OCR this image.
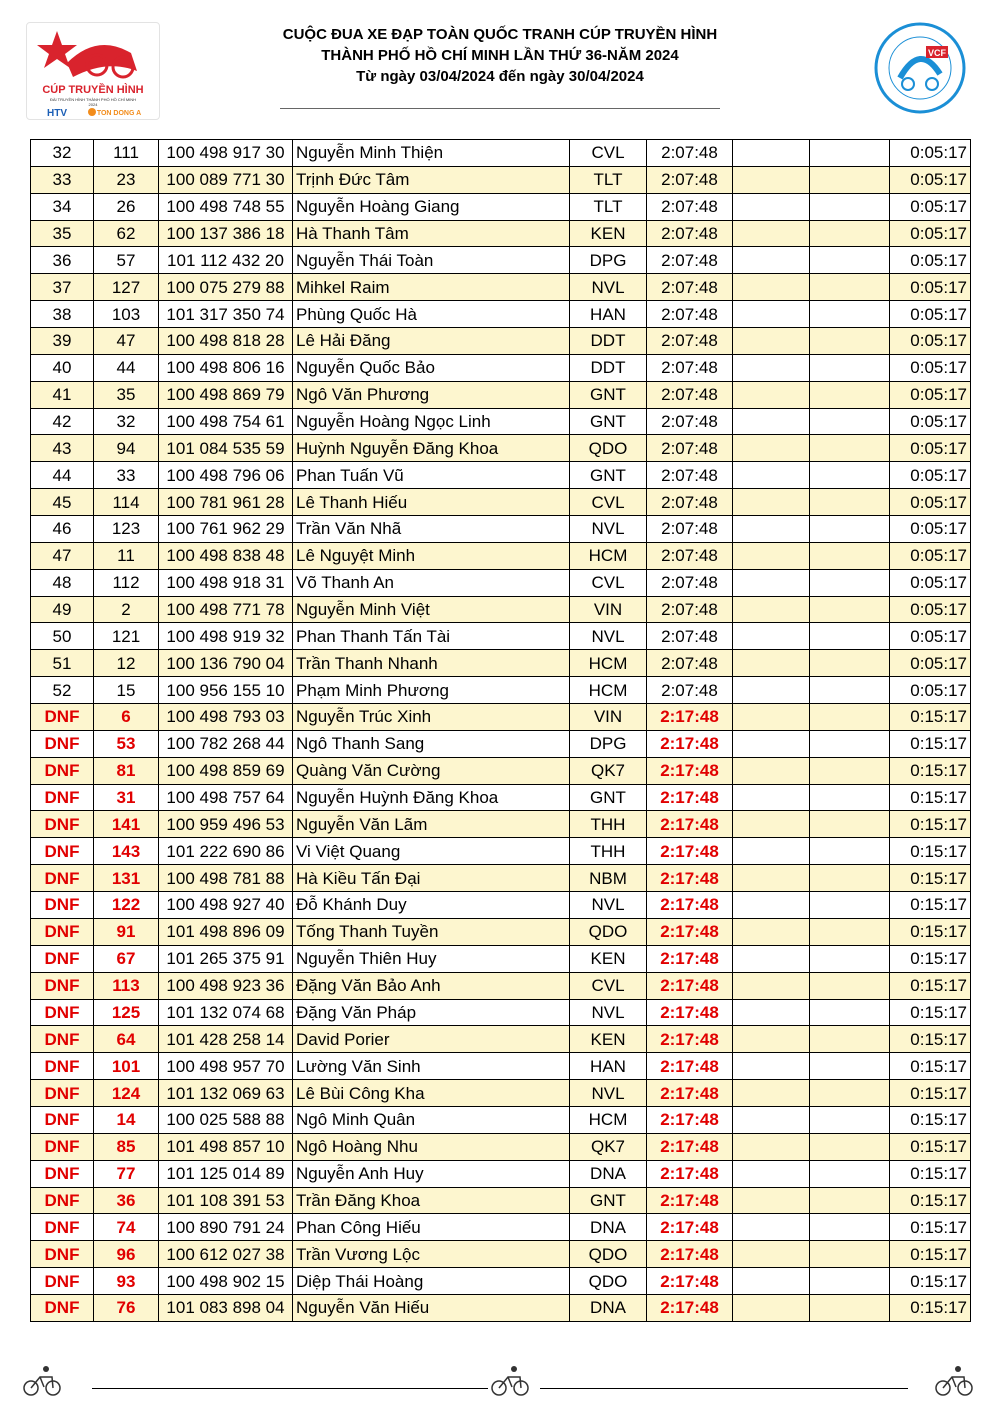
CÚP TRUYỀN HÌNH
ĐÀI TRUYỀN HÌNH THÀNH PHỐ HỒ CHÍ MINH
2024
HTV	TON DONG A
CUỘC ĐUA XE ĐẠP TOÀN QUỐC TRANH CÚP TRUYỀN HÌNH
THÀNH PHỐ HỒ CHÍ MINH LẦN THỨ 36-NĂM 2024
Từ ngày 03/04/2024 đến ngày 30/04/2024
VCF
32	111	100 498 917 30	Nguyễn Minh Thiện	CVL	2:07:48			0:05:17
33	23	100 089 771 30	Trịnh Đức Tâm	TLT	2:07:48			0:05:17
34	26	100 498 748 55	Nguyễn Hoàng Giang	TLT	2:07:48			0:05:17
35	62	100 137 386 18	Hà Thanh Tâm	KEN	2:07:48			0:05:17
36	57	101 112 432 20	Nguyễn Thái Toàn	DPG	2:07:48			0:05:17
37	127	100 075 279 88	Mihkel Raim	NVL	2:07:48			0:05:17
38	103	101 317 350 74	Phùng Quốc Hà	HAN	2:07:48			0:05:17
39	47	100 498 818 28	Lê Hải Đăng	DDT	2:07:48			0:05:17
40	44	100 498 806 16	Nguyễn Quốc Bảo	DDT	2:07:48			0:05:17
41	35	100 498 869 79	Ngô Văn Phương	GNT	2:07:48			0:05:17
42	32	100 498 754 61	Nguyễn Hoàng Ngọc Linh	GNT	2:07:48			0:05:17
43	94	101 084 535 59	Huỳnh Nguyễn Đăng Khoa	QDO	2:07:48			0:05:17
44	33	100 498 796 06	Phan Tuấn Vũ	GNT	2:07:48			0:05:17
45	114	100 781 961 28	Lê Thanh Hiếu	CVL	2:07:48			0:05:17
46	123	100 761 962 29	Trần Văn Nhã	NVL	2:07:48			0:05:17
47	11	100 498 838 48	Lê Nguyệt Minh	HCM	2:07:48			0:05:17
48	112	100 498 918 31	Võ Thanh An	CVL	2:07:48			0:05:17
49	2	100 498 771 78	Nguyễn Minh Việt	VIN	2:07:48			0:05:17
50	121	100 498 919 32	Phan Thanh Tấn Tài	NVL	2:07:48			0:05:17
51	12	100 136 790 04	Trần Thanh Nhanh	HCM	2:07:48			0:05:17
52	15	100 956 155 10	Phạm Minh Phương	HCM	2:07:48			0:05:17
DNF	6	100 498 793 03	Nguyễn Trúc Xinh	VIN	2:17:48			0:15:17
DNF	53	100 782 268 44	Ngô Thanh Sang	DPG	2:17:48			0:15:17
DNF	81	100 498 859 69	Quàng Văn Cường	QK7	2:17:48			0:15:17
DNF	31	100 498 757 64	Nguyễn Huỳnh Đăng Khoa	GNT	2:17:48			0:15:17
DNF	141	100 959 496 53	Nguyễn Văn Lãm	THH	2:17:48			0:15:17
DNF	143	101 222 690 86	Vi Việt Quang	THH	2:17:48			0:15:17
DNF	131	100 498 781 88	Hà Kiều Tấn Đại	NBM	2:17:48			0:15:17
DNF	122	100 498 927 40	Đỗ Khánh Duy	NVL	2:17:48			0:15:17
DNF	91	101 498 896 09	Tống Thanh Tuyền	QDO	2:17:48			0:15:17
DNF	67	101 265 375 91	Nguyễn Thiên Huy	KEN	2:17:48			0:15:17
DNF	113	100 498 923 36	Đặng Văn Bảo Anh	CVL	2:17:48			0:15:17
DNF	125	101 132 074 68	Đặng Văn Pháp	NVL	2:17:48			0:15:17
DNF	64	101 428 258 14	David Porier	KEN	2:17:48			0:15:17
DNF	101	100 498 957 70	Lường Văn Sinh	HAN	2:17:48			0:15:17
DNF	124	101 132 069 63	Lê Bùi Công Kha	NVL	2:17:48			0:15:17
DNF	14	100 025 588 88	Ngô Minh Quân	HCM	2:17:48			0:15:17
DNF	85	101 498 857 10	Ngô Hoàng Nhu	QK7	2:17:48			0:15:17
DNF	77	101 125 014 89	Nguyễn Anh Huy	DNA	2:17:48			0:15:17
DNF	36	101 108 391 53	Trần Đăng Khoa	GNT	2:17:48			0:15:17
DNF	74	100 890 791 24	Phan Công Hiếu	DNA	2:17:48			0:15:17
DNF	96	100 612 027 38	Trần Vương Lộc	QDO	2:17:48			0:15:17
DNF	93	100 498 902 15	Diệp Thái Hoàng	QDO	2:17:48			0:15:17
DNF	76	101 083 898 04	Nguyễn Văn Hiếu	DNA	2:17:48			0:15:17
